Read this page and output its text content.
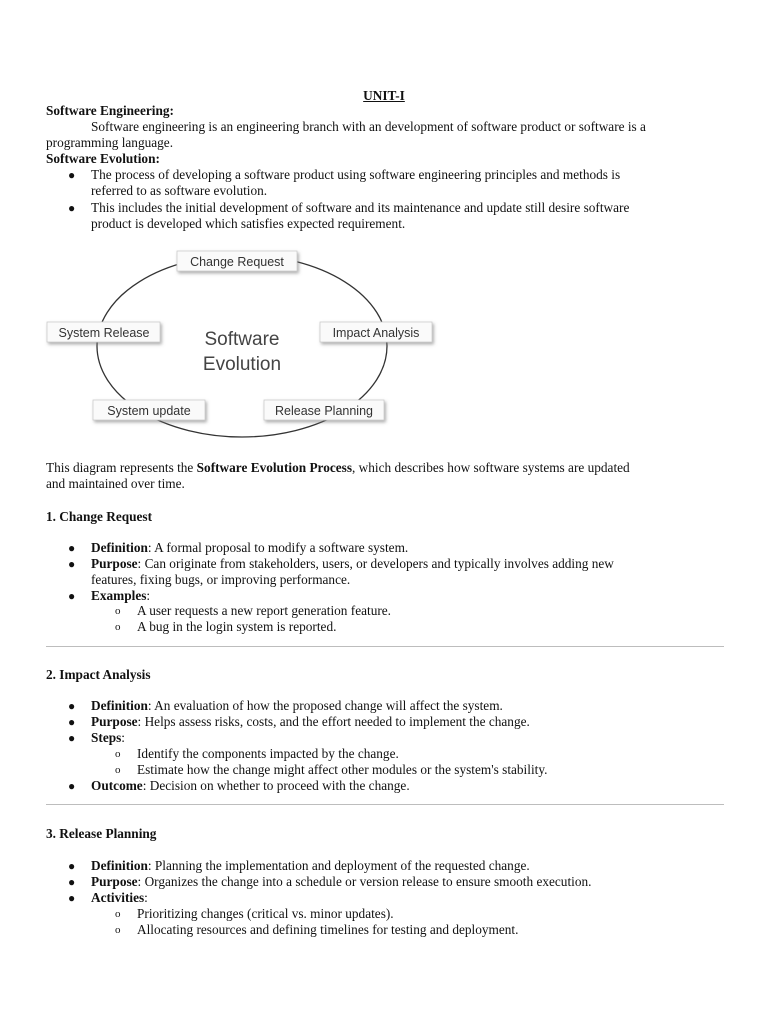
UNIT-I
Software Engineering:
Software engineering is an engineering branch with an development of software product or software is a
programming language.
Software Evolution:
● The process of developing a software product using software engineering principles and methods is
referred to as software evolution.
● This includes the initial development of software and its maintenance and update still desire software
product is developed which satisfies expected requirement.
Change Request
Impact Analysis
Release Planning
System update
System Release	Software
Evolution
This diagram represents the Software Evolution Process, which describes how software systems are updated
and maintained over time.
1. Change Request
● Definition: A formal proposal to modify a software system.
● Purpose: Can originate from stakeholders, users, or developers and typically involves adding new
features, fixing bugs, or improving performance.
● Examples:
o A user requests a new report generation feature.
o A bug in the login system is reported.
2. Impact Analysis
● Definition: An evaluation of how the proposed change will affect the system.
● Purpose: Helps assess risks, costs, and the effort needed to implement the change.
● Steps:
o Identify the components impacted by the change.
o Estimate how the change might affect other modules or the system's stability.
● Outcome: Decision on whether to proceed with the change.
3. Release Planning
● Definition: Planning the implementation and deployment of the requested change.
● Purpose: Organizes the change into a schedule or version release to ensure smooth execution.
● Activities:
o Prioritizing changes (critical vs. minor updates).
o Allocating resources and defining timelines for testing and deployment.
